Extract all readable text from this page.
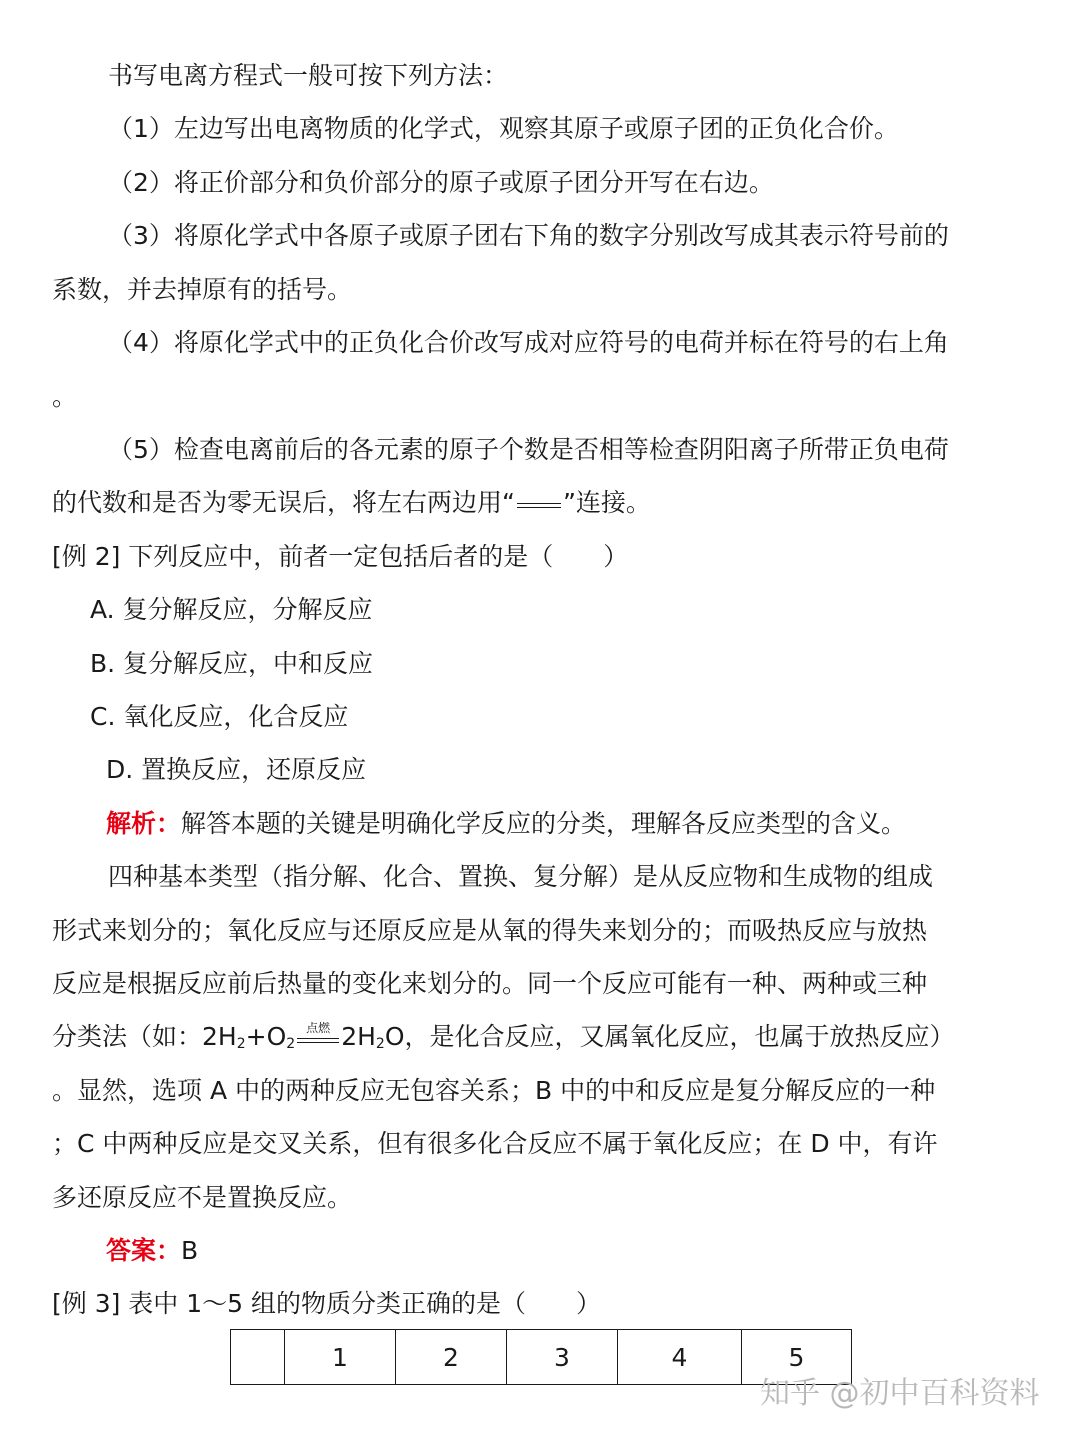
书写电离方程式一般可按下列方法：
（1）左边写出电离物质的化学式，观察其原子或原子团的正负化合价。
（2）将正价部分和负价部分的原子或原子团分开写在右边。
（3）将原化学式中各原子或原子团右下角的数字分别改写成其表示符号前的
系数，并去掉原有的括号。
（4）将原化学式中的正负化合价改写成对应符号的电荷并标在符号的右上角
。
（5）检查电离前后的各元素的原子个数是否相等检查阴阳离子所带正负电荷
的代数和是否为零无误后，将左右两边用“ ”连接。
[例 2] 下列反应中，前者一定包括后者的是（　　）
A. 复分解反应，分解反应
B. 复分解反应，中和反应
C. 氧化反应，化合反应
D. 置换反应，还原反应
解析：解答本题的关键是明确化学反应的分类，理解各反应类型的含义。
四种基本类型（指分解、化合、置换、复分解）是从反应物和生成物的组成
形式来划分的；氧化反应与还原反应是从氧的得失来划分的；而吸热反应与放热
反应是根据反应前后热量的变化来划分的。同一个反应可能有一种、两种或三种
分类法（如：$2H_2+O_2$
点燃 $2H_2O$，是化合反应，又属氧化反应，也属于放热反应）
。显然，选项 A 中的两种反应无包容关系；B 中的中和反应是复分解反应的一种
；C 中两种反应是交叉关系，但有很多化合反应不属于氧化反应；在 D 中，有许
多还原反应不是置换反应。
答案：B
[例 3] 表中 1～5 组的物质分类正确的是（　　）
	1	2	3	4	5
知乎 @初中百科资料
